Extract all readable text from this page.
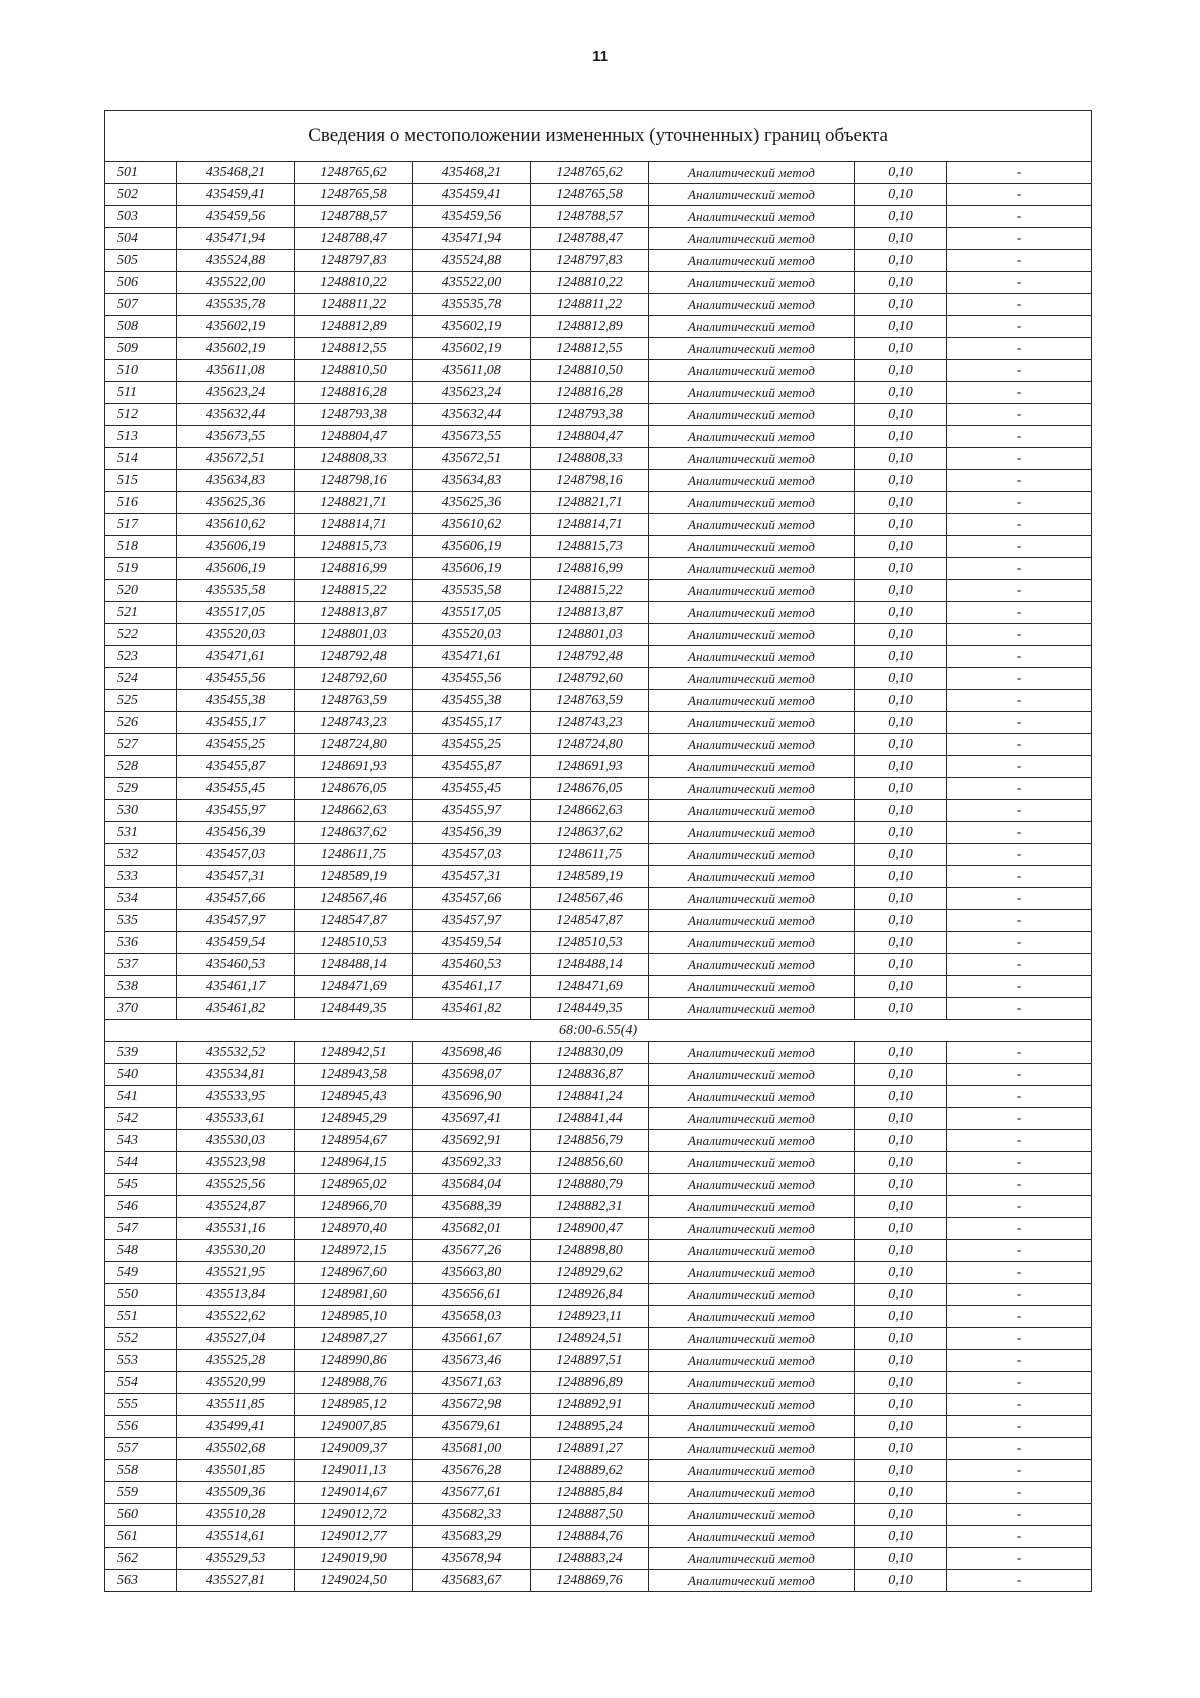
11
Сведения о местоположении измененных (уточненных) границ объекта							
501	435468,21	1248765,62	435468,21	1248765,62	Аналитический метод	0,10	-
502	435459,41	1248765,58	435459,41	1248765,58	Аналитический метод	0,10	-
503	435459,56	1248788,57	435459,56	1248788,57	Аналитический метод	0,10	-
504	435471,94	1248788,47	435471,94	1248788,47	Аналитический метод	0,10	-
505	435524,88	1248797,83	435524,88	1248797,83	Аналитический метод	0,10	-
506	435522,00	1248810,22	435522,00	1248810,22	Аналитический метод	0,10	-
507	435535,78	1248811,22	435535,78	1248811,22	Аналитический метод	0,10	-
508	435602,19	1248812,89	435602,19	1248812,89	Аналитический метод	0,10	-
509	435602,19	1248812,55	435602,19	1248812,55	Аналитический метод	0,10	-
510	435611,08	1248810,50	435611,08	1248810,50	Аналитический метод	0,10	-
511	435623,24	1248816,28	435623,24	1248816,28	Аналитический метод	0,10	-
512	435632,44	1248793,38	435632,44	1248793,38	Аналитический метод	0,10	-
513	435673,55	1248804,47	435673,55	1248804,47	Аналитический метод	0,10	-
514	435672,51	1248808,33	435672,51	1248808,33	Аналитический метод	0,10	-
515	435634,83	1248798,16	435634,83	1248798,16	Аналитический метод	0,10	-
516	435625,36	1248821,71	435625,36	1248821,71	Аналитический метод	0,10	-
517	435610,62	1248814,71	435610,62	1248814,71	Аналитический метод	0,10	-
518	435606,19	1248815,73	435606,19	1248815,73	Аналитический метод	0,10	-
519	435606,19	1248816,99	435606,19	1248816,99	Аналитический метод	0,10	-
520	435535,58	1248815,22	435535,58	1248815,22	Аналитический метод	0,10	-
521	435517,05	1248813,87	435517,05	1248813,87	Аналитический метод	0,10	-
522	435520,03	1248801,03	435520,03	1248801,03	Аналитический метод	0,10	-
523	435471,61	1248792,48	435471,61	1248792,48	Аналитический метод	0,10	-
524	435455,56	1248792,60	435455,56	1248792,60	Аналитический метод	0,10	-
525	435455,38	1248763,59	435455,38	1248763,59	Аналитический метод	0,10	-
526	435455,17	1248743,23	435455,17	1248743,23	Аналитический метод	0,10	-
527	435455,25	1248724,80	435455,25	1248724,80	Аналитический метод	0,10	-
528	435455,87	1248691,93	435455,87	1248691,93	Аналитический метод	0,10	-
529	435455,45	1248676,05	435455,45	1248676,05	Аналитический метод	0,10	-
530	435455,97	1248662,63	435455,97	1248662,63	Аналитический метод	0,10	-
531	435456,39	1248637,62	435456,39	1248637,62	Аналитический метод	0,10	-
532	435457,03	1248611,75	435457,03	1248611,75	Аналитический метод	0,10	-
533	435457,31	1248589,19	435457,31	1248589,19	Аналитический метод	0,10	-
534	435457,66	1248567,46	435457,66	1248567,46	Аналитический метод	0,10	-
535	435457,97	1248547,87	435457,97	1248547,87	Аналитический метод	0,10	-
536	435459,54	1248510,53	435459,54	1248510,53	Аналитический метод	0,10	-
537	435460,53	1248488,14	435460,53	1248488,14	Аналитический метод	0,10	-
538	435461,17	1248471,69	435461,17	1248471,69	Аналитический метод	0,10	-
370	435461,82	1248449,35	435461,82	1248449,35	Аналитический метод	0,10	-
68:00-6.55(4)							
539	435532,52	1248942,51	435698,46	1248830,09	Аналитический метод	0,10	-
540	435534,81	1248943,58	435698,07	1248836,87	Аналитический метод	0,10	-
541	435533,95	1248945,43	435696,90	1248841,24	Аналитический метод	0,10	-
542	435533,61	1248945,29	435697,41	1248841,44	Аналитический метод	0,10	-
543	435530,03	1248954,67	435692,91	1248856,79	Аналитический метод	0,10	-
544	435523,98	1248964,15	435692,33	1248856,60	Аналитический метод	0,10	-
545	435525,56	1248965,02	435684,04	1248880,79	Аналитический метод	0,10	-
546	435524,87	1248966,70	435688,39	1248882,31	Аналитический метод	0,10	-
547	435531,16	1248970,40	435682,01	1248900,47	Аналитический метод	0,10	-
548	435530,20	1248972,15	435677,26	1248898,80	Аналитический метод	0,10	-
549	435521,95	1248967,60	435663,80	1248929,62	Аналитический метод	0,10	-
550	435513,84	1248981,60	435656,61	1248926,84	Аналитический метод	0,10	-
551	435522,62	1248985,10	435658,03	1248923,11	Аналитический метод	0,10	-
552	435527,04	1248987,27	435661,67	1248924,51	Аналитический метод	0,10	-
553	435525,28	1248990,86	435673,46	1248897,51	Аналитический метод	0,10	-
554	435520,99	1248988,76	435671,63	1248896,89	Аналитический метод	0,10	-
555	435511,85	1248985,12	435672,98	1248892,91	Аналитический метод	0,10	-
556	435499,41	1249007,85	435679,61	1248895,24	Аналитический метод	0,10	-
557	435502,68	1249009,37	435681,00	1248891,27	Аналитический метод	0,10	-
558	435501,85	1249011,13	435676,28	1248889,62	Аналитический метод	0,10	-
559	435509,36	1249014,67	435677,61	1248885,84	Аналитический метод	0,10	-
560	435510,28	1249012,72	435682,33	1248887,50	Аналитический метод	0,10	-
561	435514,61	1249012,77	435683,29	1248884,76	Аналитический метод	0,10	-
562	435529,53	1249019,90	435678,94	1248883,24	Аналитический метод	0,10	-
563	435527,81	1249024,50	435683,67	1248869,76	Аналитический метод	0,10	-
